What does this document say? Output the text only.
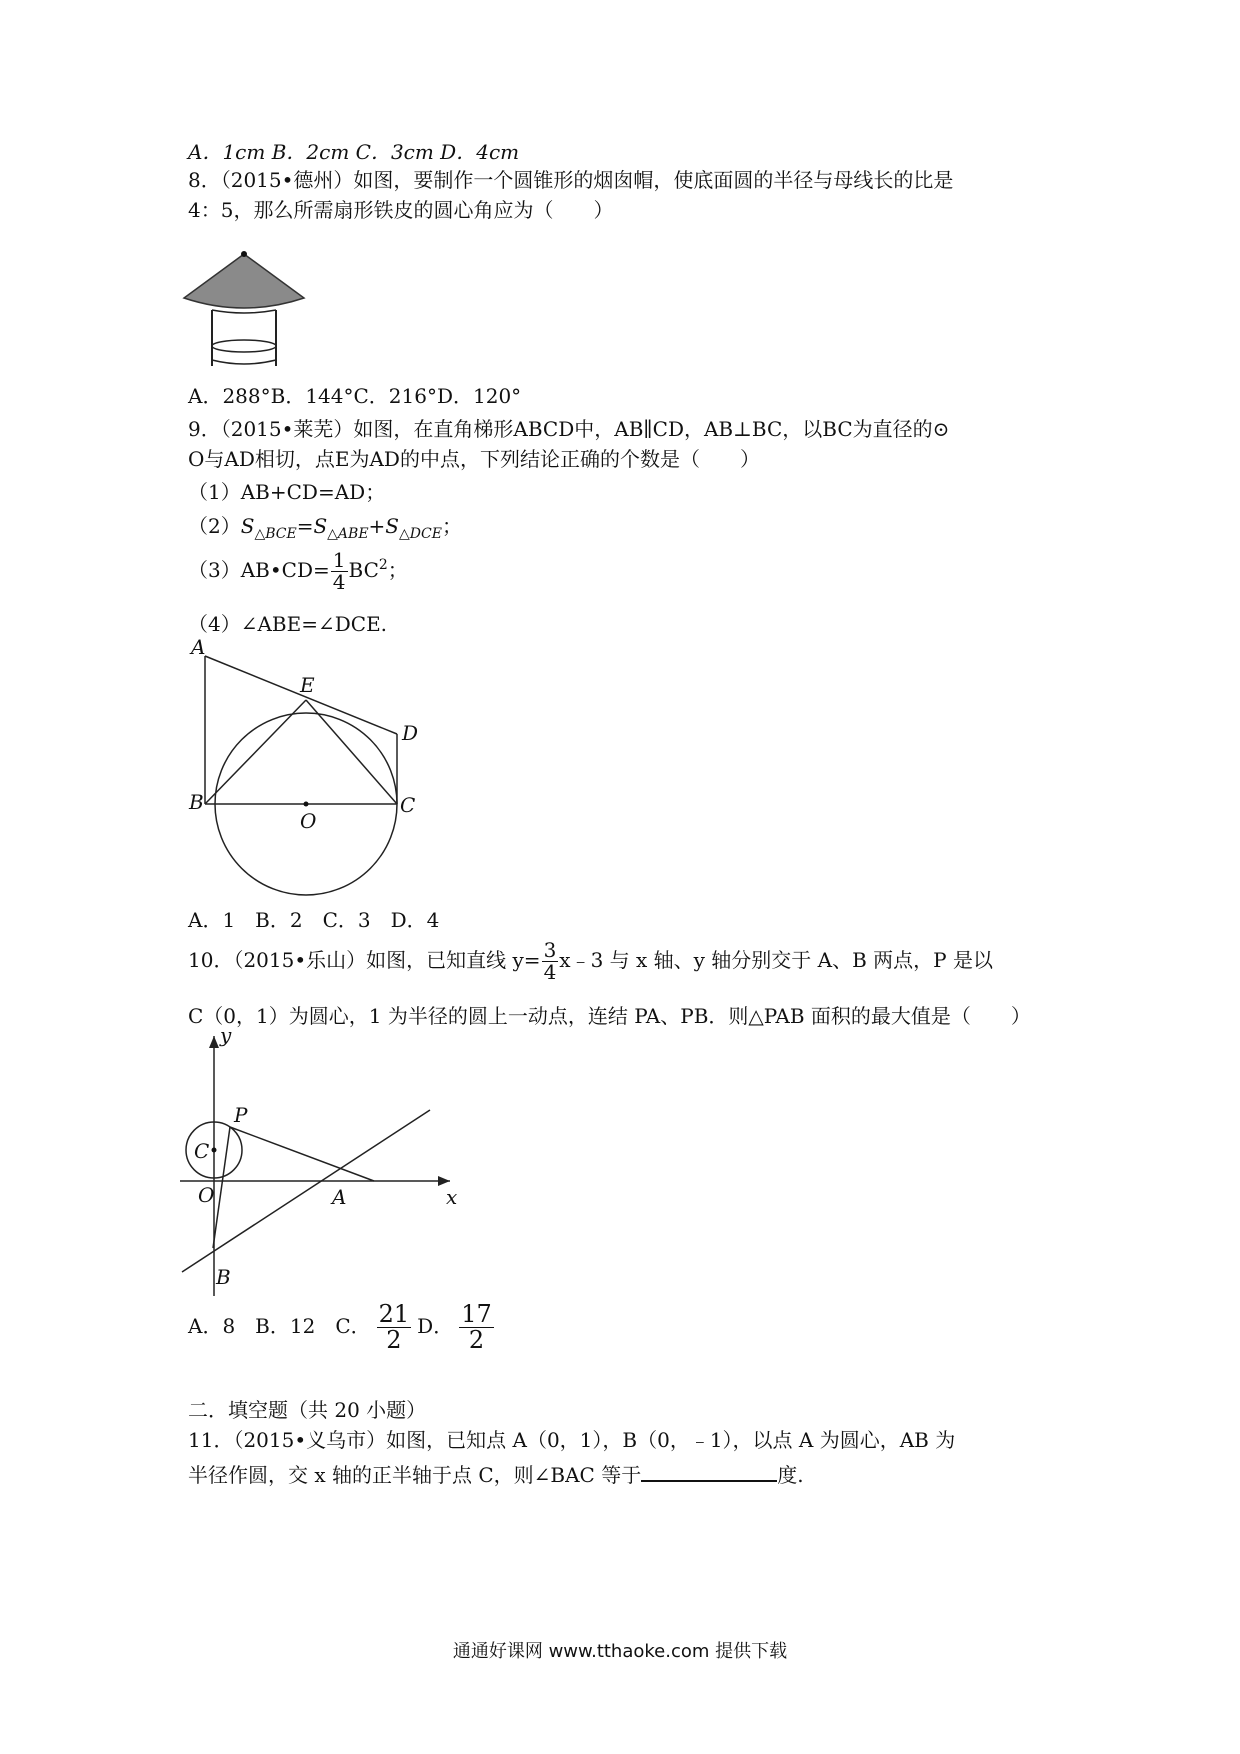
A．1cm B．2cm C．3cm D．4cm
8．（2015•德州）如图，要制作一个圆锥形的烟囱帽，使底面圆的半径与母线长的比是
4：5，那么所需扇形铁皮的圆心角应为（　　）
A．288°B．144°C．216°D．120°
9．（2015•莱芜）如图，在直角梯形ABCD中，AB∥CD，AB⊥BC，以BC为直径的⊙
O与AD相切，点E为AD的中点，下列结论正确的个数是（　　）
（1）AB+CD=AD；
$(2)S_{\triangle BCE}=S_{\triangle ABE}+S_{\triangle DCE}$；
（3）AB•CD= $\frac{1}{4} BC^2$；
（4）∠ABE=∠DCE.
A
E
D
B	C
O
A．1　B．2　C．3　D．4
10．（2015•乐山）如图，已知直线 $y= \frac{3}{4}$ x﹣3 与 x 轴、y 轴分别交于 A、B 两点，P 是以
C（0，1）为圆心，1 为半径的圆上一动点，连结 PA、PB．则△PAB 面积的最大值是（　　）
y
x
P
C
O	A
B
A．8　B．12　C． $\frac{21}{2}$ D． $\frac{17}{2}$
二．填空题（共 20 小题）
11．（2015•义乌市）如图，已知点 A（0，1），B（0，﹣1），以点 A 为圆心，AB 为
半径作圆，交 x 轴的正半轴于点 C，则∠BAC 等于	度.
通通好课网 www.tthaoke.com 提供下载
